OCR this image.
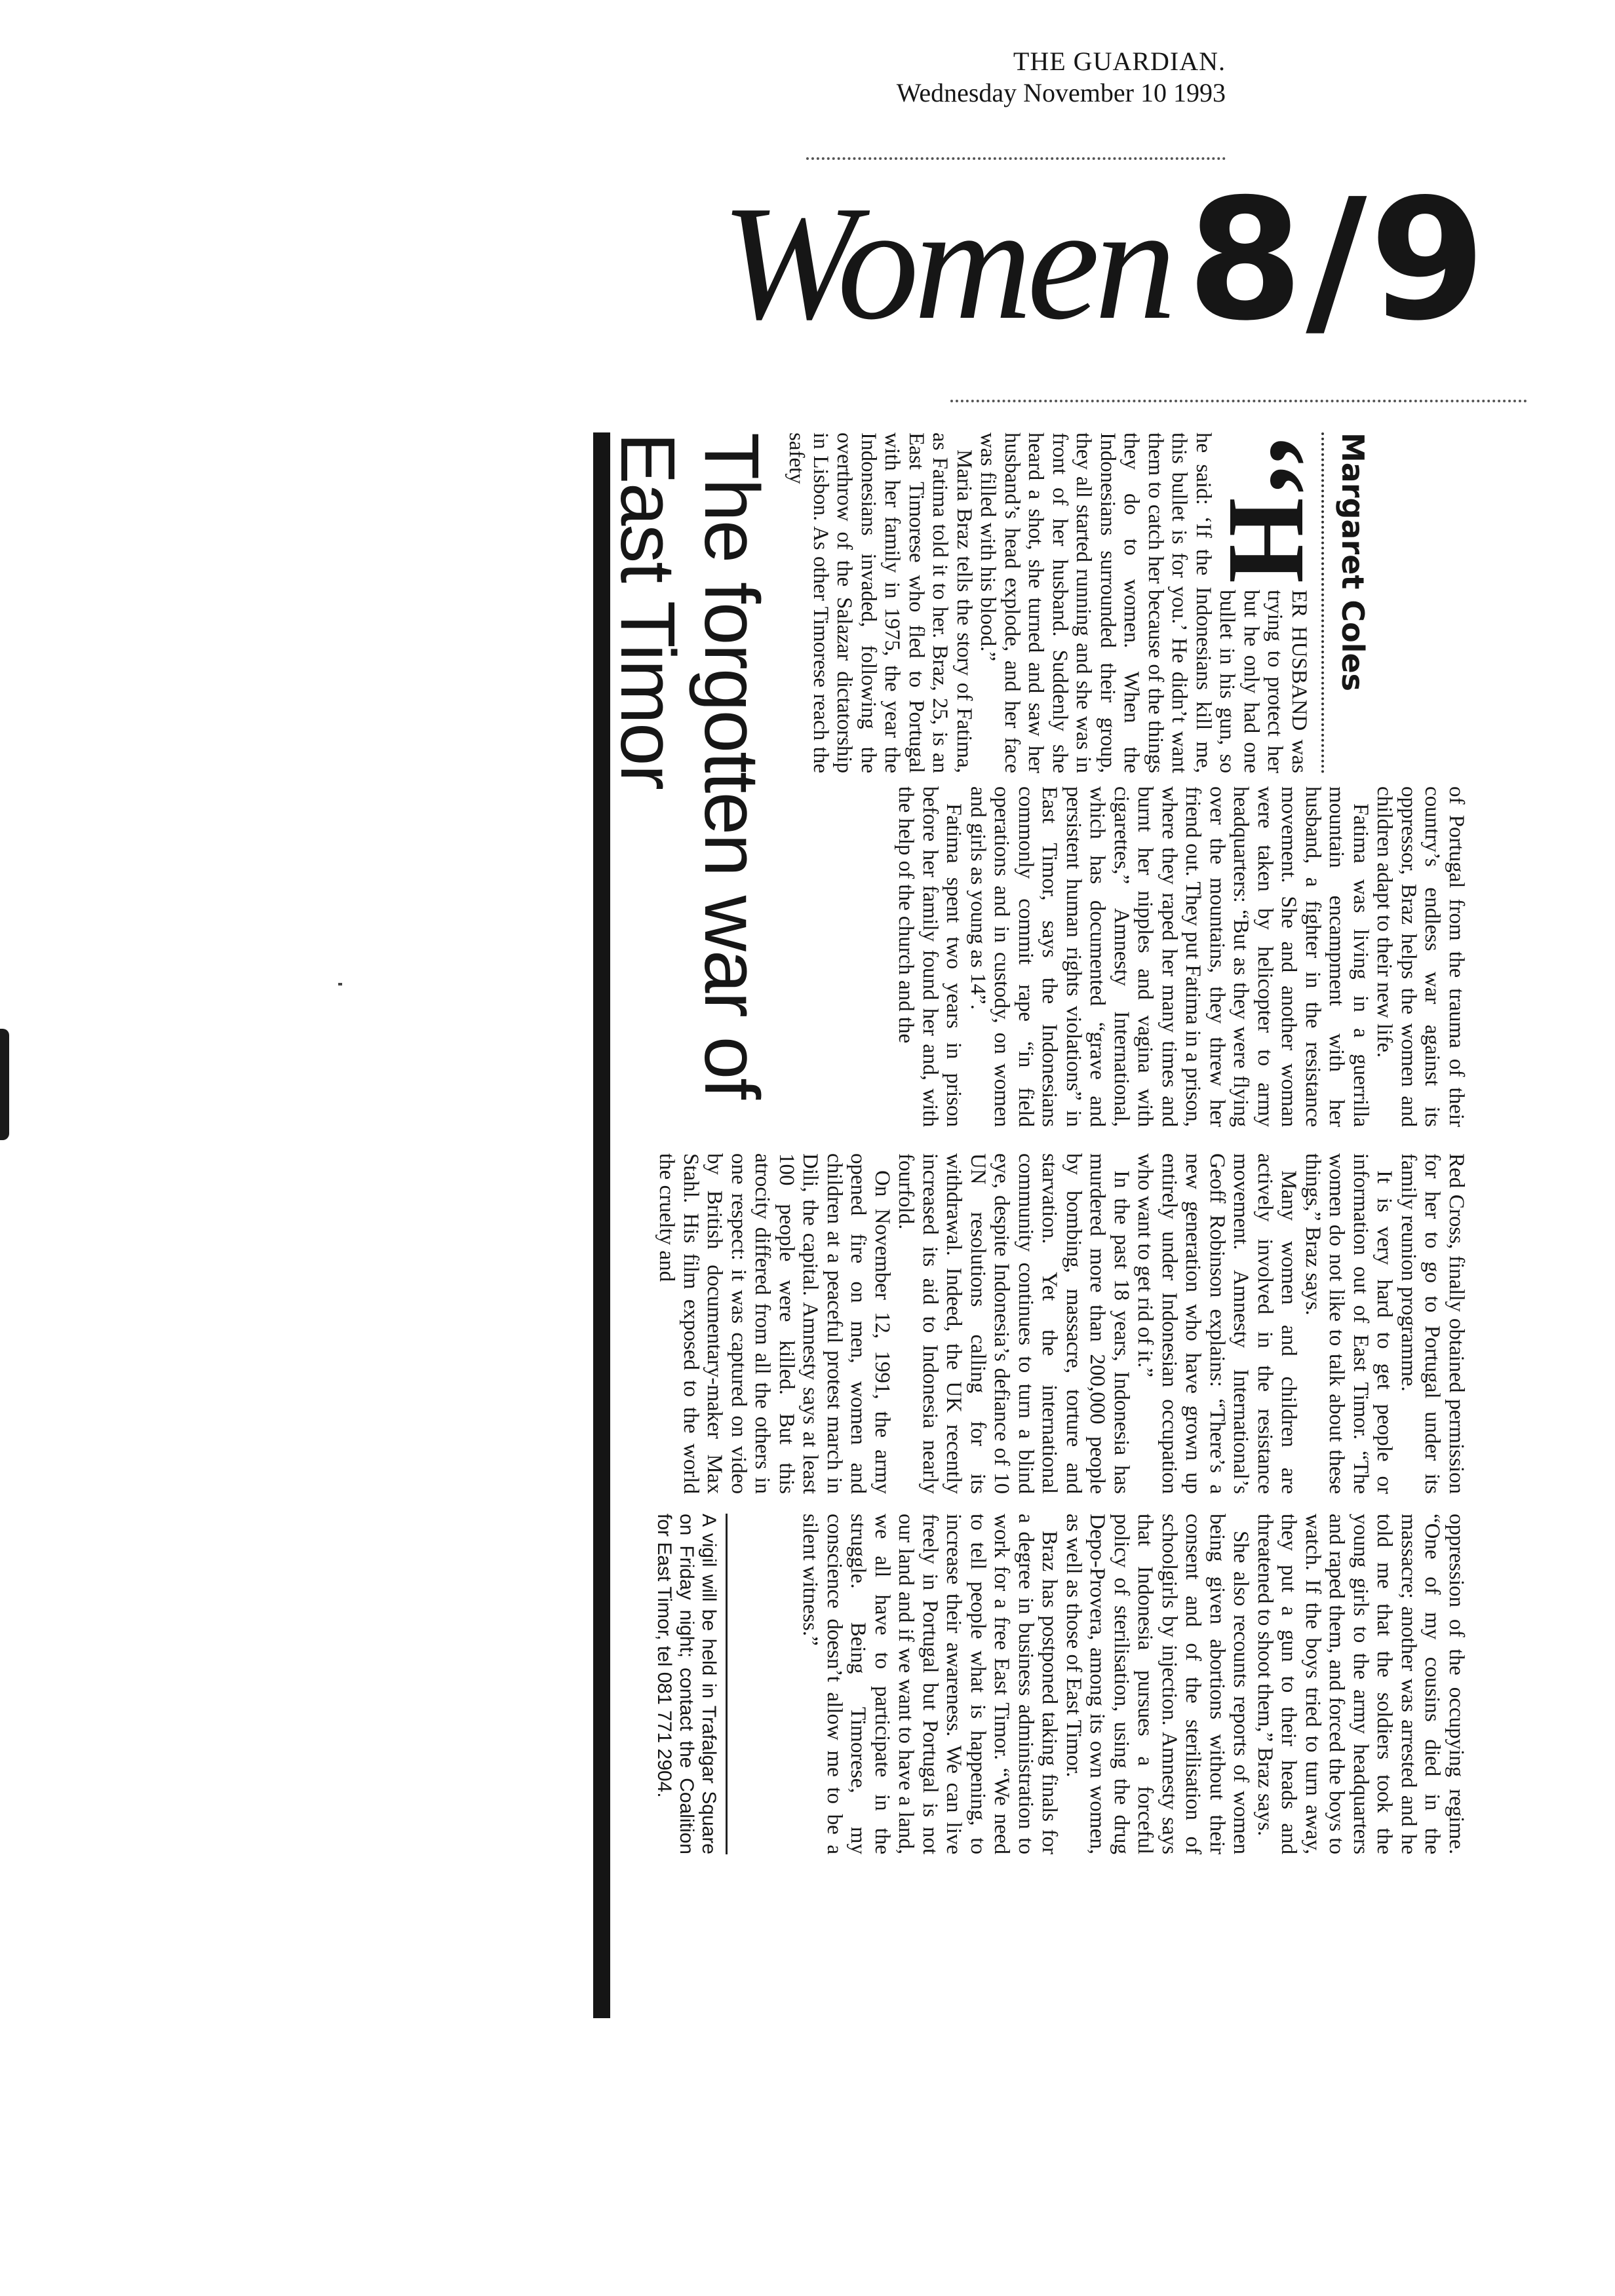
THE GUARDIAN.
Wednesday November 10 1993
Women8/9
Margaret Coles

‘‘H
ER HUSBAND was trying to protect her but he only had one bullet in his gun, so he said: ‘If the Indonesians kill me, this bullet is for you.’ He didn’t want them to catch her because of the things they do to women. When the Indonesians surrounded their group, they all started running and she was in front of her husband. Suddenly she heard a shot, she turned and saw her husband’s head explode, and her face was filled with his blood.”

Maria Braz tells the story of Fatima, as Fatima told it to her. Braz, 25, is an East Timorese who fled to Portugal with her family in 1975, the year the Indonesians invaded, following the overthrow of the Salazar dictatorship in Lisbon. As other Timorese reach the safety

of Portugal from the trauma of their country’s endless war against its oppressor, Braz helps the women and children adapt to their new life.

Fatima was living in a guerrilla mountain encampment with her husband, a fighter in the resistance movement. She and another woman were taken by helicopter to army headquarters: “But as they were flying over the mountains, they threw her friend out. They put Fatima in a prison, where they raped her many times and burnt her nipples and vagina with cigarettes,” Amnesty International, which has documented “grave and persistent human rights violations” in East Timor, says the Indonesians commonly commit rape “in field operations and in custody, on women and girls as young as 14”.

Fatima spent two years in prison before her family found her and, with the help of the church and the

The forgotten war of East Timor

Red Cross, finally obtained permission for her to go to Portugal under its family reunion programme.

It is very hard to get people or information out of East Timor. “The women do not like to talk about these things,” Braz says.

Many women and children are actively involved in the resistance movement. Amnesty International’s Geoff Robinson explains: “There’s a new generation who have grown up entirely under Indonesian occupation who want to get rid of it.”

In the past 18 years, Indonesia has murdered more than 200,000 people by bombing, massacre, torture and starvation. Yet the international community continues to turn a blind eye, despite Indonesia’s defiance of 10 UN resolutions calling for its withdrawal. Indeed, the UK recently increased its aid to Indonesia nearly fourfold.

On November 12, 1991, the army opened fire on men, women and children at a peaceful protest march in Dili, the capital. Amnesty says at least 100 people were killed. But this atrocity differed from all the others in one respect: it was captured on video by British documentary-maker Max Stahl. His film exposed to the world the cruelty and

oppression of the occupying regime. “One of my cousins died in the massacre; another was arrested and he told me that the soldiers took the young girls to the army headquarters and raped them, and forced the boys to watch. If the boys tried to turn away, they put a gun to their heads and threatened to shoot them,” Braz says.

She also recounts reports of women being given abortions without their consent and of the sterilisation of schoolgirls by injection. Amnesty says that Indonesia pursues a forceful policy of sterilisation, using the drug Depo-Provera, among its own women, as well as those of East Timor.

Braz has postponed taking finals for a degree in business administration to work for a free East Timor. “We need to tell people what is happening, to increase their awareness. We can live freely in Portugal but Portugal is not our land and if we want to have a land, we all have to participate in the struggle. Being Timorese, my conscience doesn’t allow me to be a silent witness.”

A vigil will be held in Trafalgar Square on Friday night; contact the Coalition for East Timor, tel 081 771 2904.
